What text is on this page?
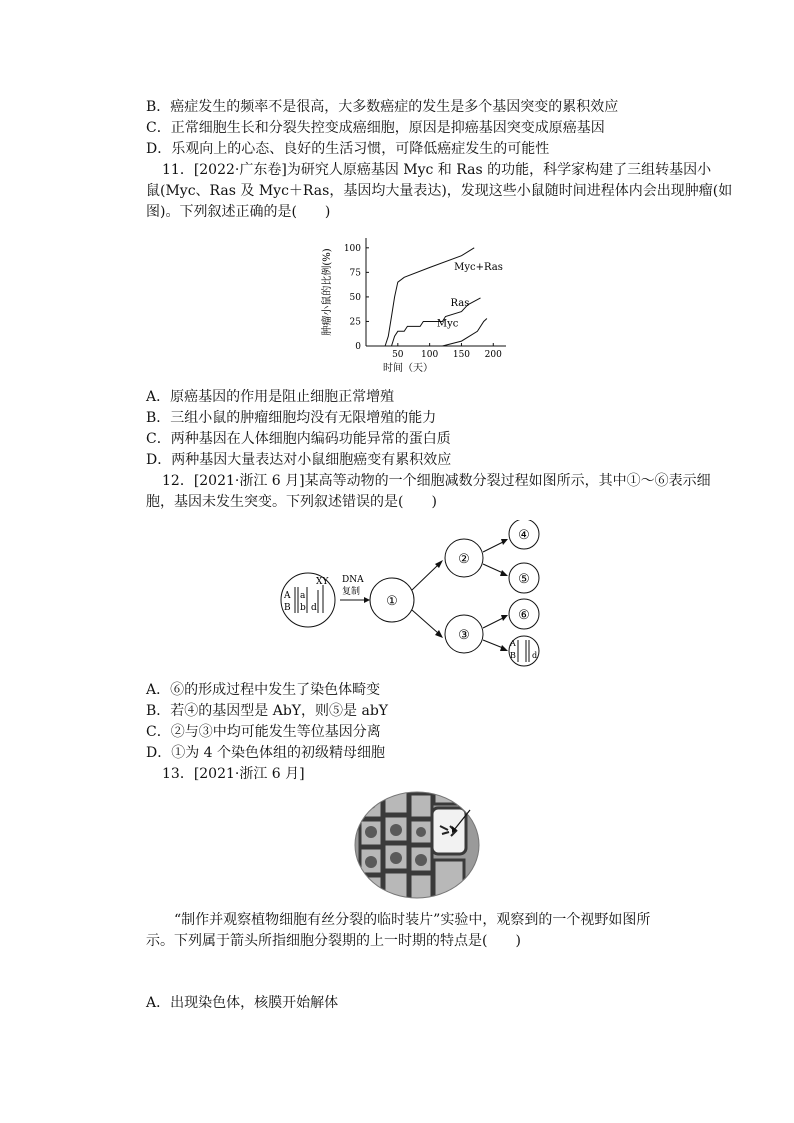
B．癌症发生的频率不是很高，大多数癌症的发生是多个基因突变的累积效应
C．正常细胞生长和分裂失控变成癌细胞，原因是抑癌基因突变成原癌基因
D．乐观向上的心态、良好的生活习惯，可降低癌症发生的可能性
11．[2022·广东卷]为研究人原癌基因 Myc 和 Ras 的功能，科学家构建了三组转基因小
鼠(Myc、Ras 及 Myc＋Ras，基因均大量表达)，发现这些小鼠随时间进程体内会出现肿瘤(如
图)。下列叙述正确的是(　　)
50 100 150 200
0
25
50
75
100
Myc+Ras
Ras
Myc
时间（天）
肿瘤小鼠的比例(%)
A．原癌基因的作用是阻止细胞正常增殖
B．三组小鼠的肿瘤细胞均没有无限增殖的能力
C．两种基因在人体细胞内编码功能异常的蛋白质
D．两种基因大量表达对小鼠细胞癌变有累积效应
12．[2021·浙江 6 月]某高等动物的一个细胞减数分裂过程如图所示，其中①～⑥表示细
胞，基因未发生突变。下列叙述错误的是(　　)
A a
B b d
XY DNA
复制
①
②
③
④
⑤
⑥
A
B d
A．⑥的形成过程中发生了染色体畸变
B．若④的基因型是 AbY，则⑤是 abY
C．②与③中均可能发生等位基因分离
D．①为 4 个染色体组的初级精母细胞
13．[2021·浙江 6 月]
“制作并观察植物细胞有丝分裂的临时装片”实验中，观察到的一个视野如图所示。下列属于箭头所指细胞分裂期的上一时期的特点是(　　)
A．出现染色体，核膜开始解体
